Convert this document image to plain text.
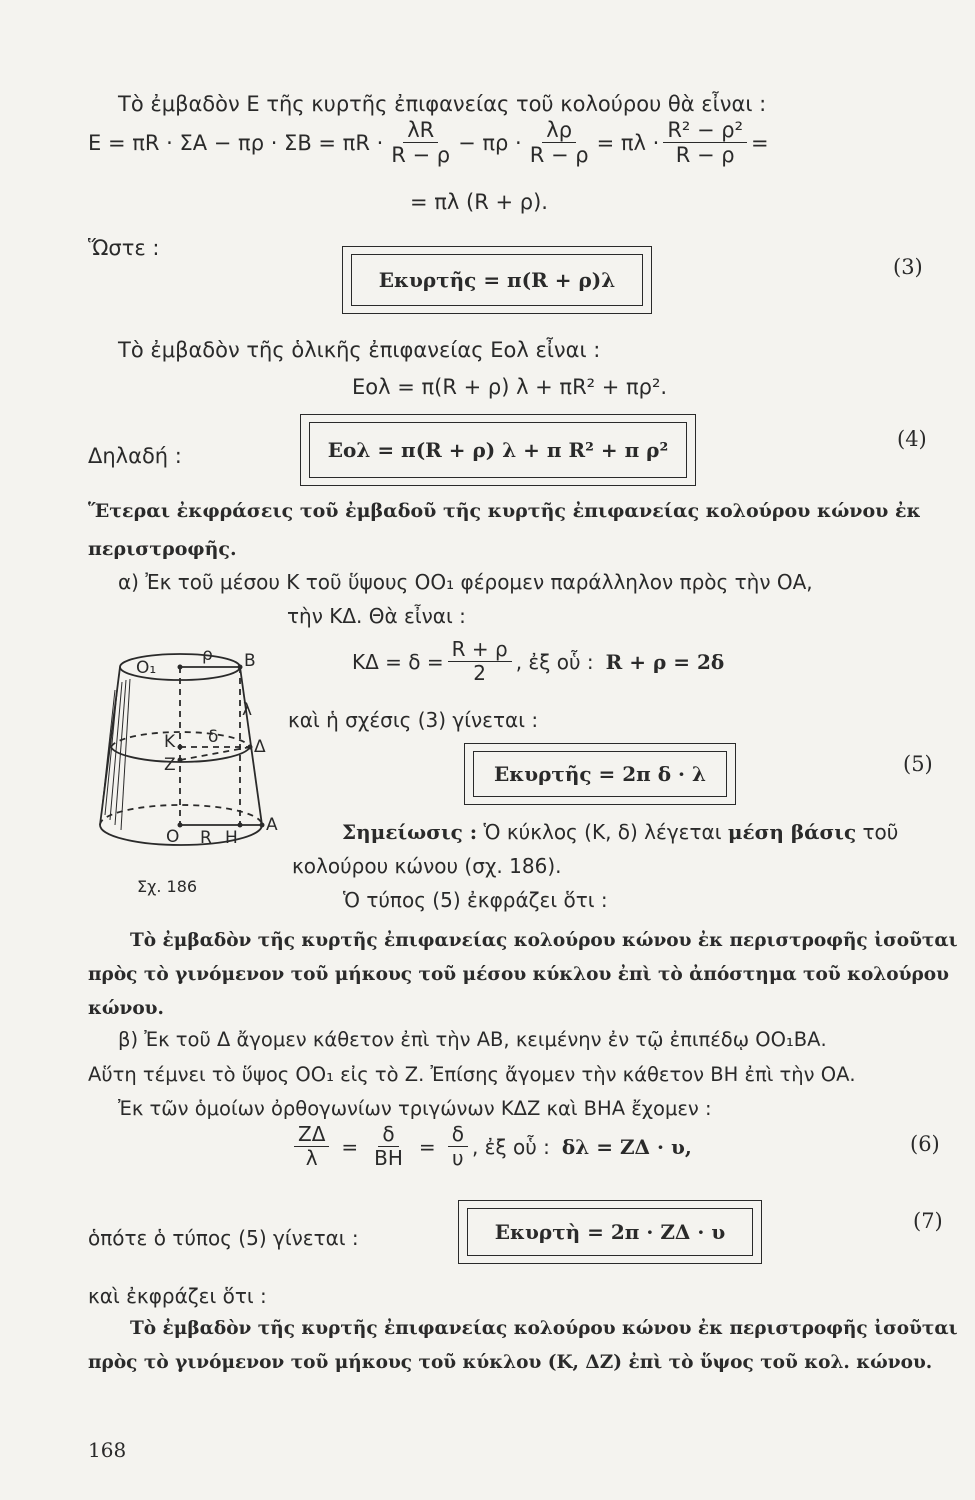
Τὸ ἐμβαδὸν Ε τῆς κυρτῆς ἐπιφανείας τοῦ κολούρου θὰ εἶναι :
$E = \pi R \cdot \Sigma A - \pi\rho \cdot \Sigma B = \pi R \cdot \frac{\lambda R}{R - \rho} - \pi\rho \cdot \frac{\lambda\rho}{R - \rho} = \pi\lambda \cdot \frac{\text{R² − ρ²}}{R - \rho}$ =
= πλ (R + ρ).
Ὥστε :
Eκυρτῆς = π(R + ρ)λ
(3)
Τὸ ἐμβαδὸν τῆς ὁλικῆς ἐπιφανείας Εολ εἶναι :
Εολ = π(R + ρ) λ + πR² + πρ².
Δηλαδή :	Eολ = π(R + ρ) λ + π R² + π ρ²	(4)
Ἕτεραι ἐκφράσεις τοῦ ἐμβαδοῦ τῆς κυρτῆς ἐπιφανείας κολούρου κώνου ἐκ
περιστροφῆς.
α) Ἐκ τοῦ μέσου Κ τοῦ ὕψους ΟΟ₁ φέρομεν παράλληλον πρὸς τὴν ΟΑ,
τὴν ΚΔ. Θὰ εἶναι :
O₁
ρ B
λ
K δ Δ
Z
O R H
A
Σχ. 186
$K\Delta = \delta = \frac{R + \rho}{2}$ , ἐξ οὗ : R + ρ = 2δ
καὶ ἡ σχέσις (3) γίνεται :
Eκυρτῆς = 2π δ · λ	(5)
Σημείωσις : Ὁ κύκλος (Κ, δ) λέγεται μέση βάσις τοῦ
κολούρου κώνου (σχ. 186).
Ὁ τύπος (5) ἐκφράζει ὅτι :
Τὸ ἐμβαδὸν τῆς κυρτῆς ἐπιφανείας κολούρου κώνου ἐκ περιστροφῆς ἰσοῦται
πρὸς τὸ γινόμενον τοῦ μήκους τοῦ μέσου κύκλου ἐπὶ τὸ ἀπόστημα τοῦ κολούρου
κώνου.
β) Ἐκ τοῦ Δ ἄγομεν κάθετον ἐπὶ τὴν ΑΒ, κειμένην ἐν τῷ ἐπιπέδῳ ΟΟ₁ΒΑ.
Αὕτη τέμνει τὸ ὕψος ΟΟ₁ εἰς τὸ Ζ. Ἐπίσης ἄγομεν τὴν κάθετον ΒΗ ἐπὶ τὴν ΟΑ.
Ἐκ τῶν ὁμοίων ὀρθογωνίων τριγώνων ΚΔΖ καὶ ΒΗΑ ἔχομεν :
$\frac{Z\Delta}{\lambda} = \frac{\delta}{BH} = \frac{\delta}{\upsilon}$ , ἐξ οὗ : δλ = ΖΔ · υ,	(6)
ὁπότε ὁ τύπος (5) γίνεται :	Eκυρτὴ = 2π · ΖΔ · υ	(7)
καὶ ἐκφράζει ὅτι :
Τὸ ἐμβαδὸν τῆς κυρτῆς ἐπιφανείας κολούρου κώνου ἐκ περιστροφῆς ἰσοῦται
πρὸς τὸ γινόμενον τοῦ μήκους τοῦ κύκλου (Κ, ΔΖ) ἐπὶ τὸ ὕψος τοῦ κολ. κώνου.
168
